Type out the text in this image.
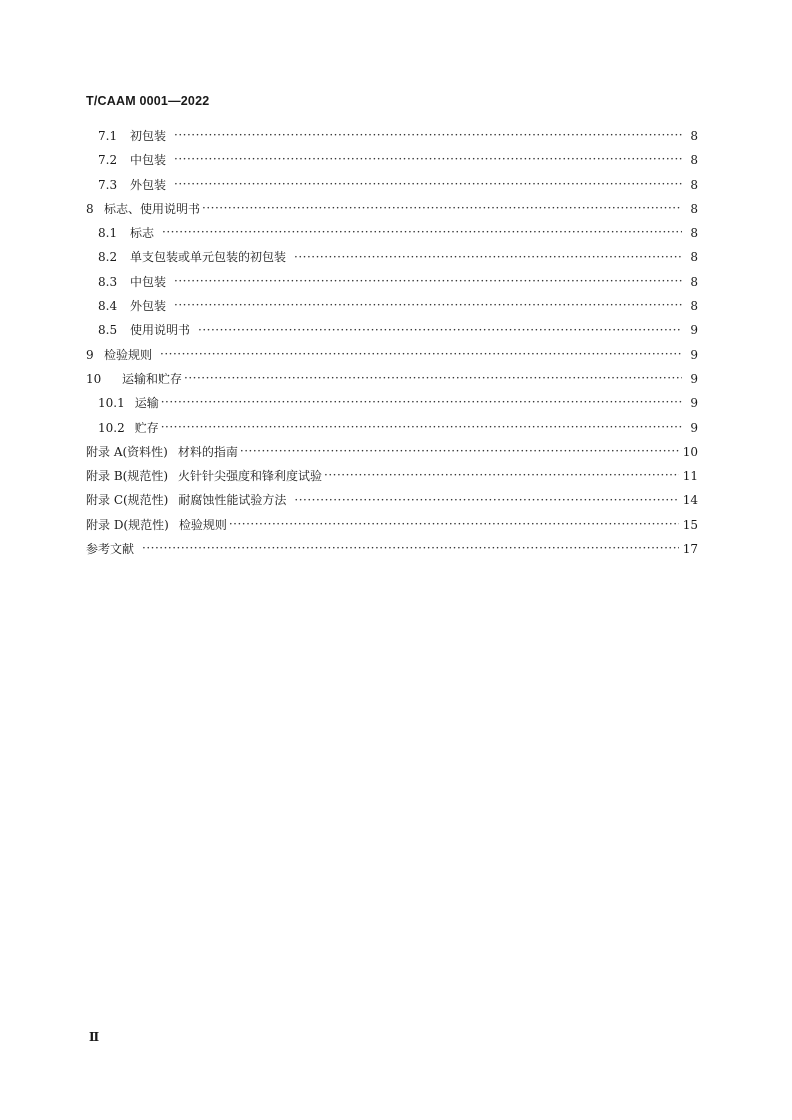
T/CAAM 0001—2022
7.1 初包装 ·····	8
7.2 中包装 ·····	8
7.3 外包装 ·····	8
8 标志、使用说明书 ·····	8
8.1 标志 ·····	8
8.2 单支包装或单元包装的初包装 ·····	8
8.3 中包装 ·····	8
8.4 外包装 ·····	8
8.5 使用说明书 ·····	9
9 检验规则 ·····	9
10	运输和贮存 ·····	9
10.1 运输 ·····	9
10.2 贮存 ·····	9
附录 A(资料性) 材料的指南 ·····	10
附录 B(规范性) 火针针尖强度和锋利度试验 ·····	11
附录 C(规范性) 耐腐蚀性能试验方法 ·····	14
附录 D(规范性) 检验规则 ·····	15
参考文献 ·····	17
Ⅱ
